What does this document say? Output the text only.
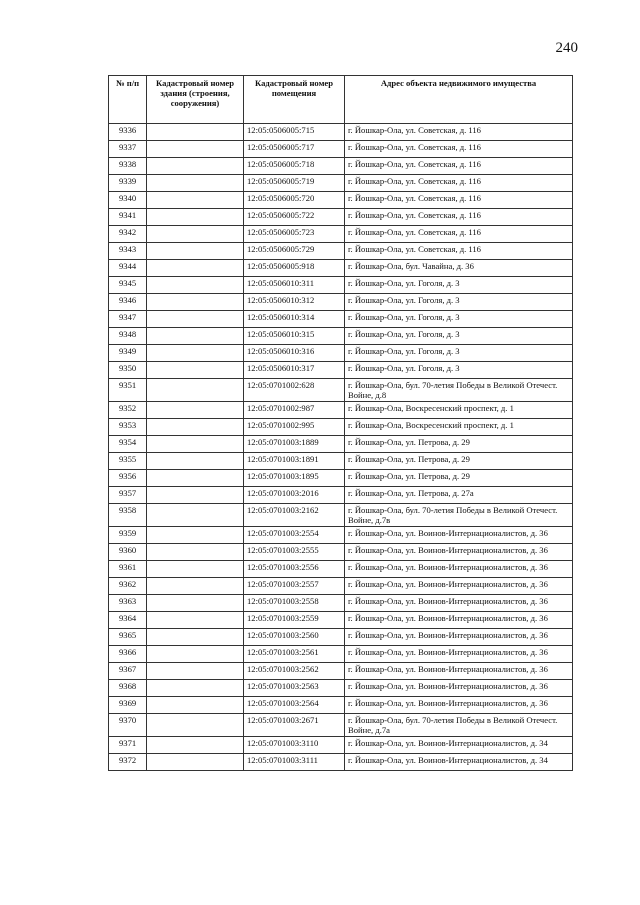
240
№ п/п	Кадастровый номер здания (строения, сооружения)	Кадастровый номер помещения	Адрес объекта недвижимого имущества
9336		12:05:0506005:715	г. Йошкар-Ола, ул. Советская, д. 116
9337		12:05:0506005:717	г. Йошкар-Ола, ул. Советская, д. 116
9338		12:05:0506005:718	г. Йошкар-Ола, ул. Советская, д. 116
9339		12:05:0506005:719	г. Йошкар-Ола, ул. Советская, д. 116
9340		12:05:0506005:720	г. Йошкар-Ола, ул. Советская, д. 116
9341		12:05:0506005:722	г. Йошкар-Ола, ул. Советская, д. 116
9342		12:05:0506005:723	г. Йошкар-Ола, ул. Советская, д. 116
9343		12:05:0506005:729	г. Йошкар-Ола, ул. Советская, д. 116
9344		12:05:0506005:918	г. Йошкар-Ола, бул. Чавайна, д. 36
9345		12:05:0506010:311	г. Йошкар-Ола, ул. Гоголя, д. 3
9346		12:05:0506010:312	г. Йошкар-Ола, ул. Гоголя, д. 3
9347		12:05:0506010:314	г. Йошкар-Ола, ул. Гоголя, д. 3
9348		12:05:0506010:315	г. Йошкар-Ола, ул. Гоголя, д. 3
9349		12:05:0506010:316	г. Йошкар-Ола, ул. Гоголя, д. 3
9350		12:05:0506010:317	г. Йошкар-Ола, ул. Гоголя, д. 3
9351		12:05:0701002:628	г. Йошкар-Ола, бул. 70-летия Победы в Великой Отечест. Войне, д.8
9352		12:05:0701002:987	г. Йошкар-Ола, Воскресенский проспект, д. 1
9353		12:05:0701002:995	г. Йошкар-Ола, Воскресенский проспект, д. 1
9354		12:05:0701003:1889	г. Йошкар-Ола, ул. Петрова, д. 29
9355		12:05:0701003:1891	г. Йошкар-Ола, ул. Петрова, д. 29
9356		12:05:0701003:1895	г. Йошкар-Ола, ул. Петрова, д. 29
9357		12:05:0701003:2016	г. Йошкар-Ола, ул. Петрова, д. 27а
9358		12:05:0701003:2162	г. Йошкар-Ола, бул. 70-летия Победы в Великой Отечест. Войне, д.7в
9359		12:05:0701003:2554	г. Йошкар-Ола, ул. Воинов-Интернационалистов, д. 36
9360		12:05:0701003:2555	г. Йошкар-Ола, ул. Воинов-Интернационалистов, д. 36
9361		12:05:0701003:2556	г. Йошкар-Ола, ул. Воинов-Интернационалистов, д. 36
9362		12:05:0701003:2557	г. Йошкар-Ола, ул. Воинов-Интернационалистов, д. 36
9363		12:05:0701003:2558	г. Йошкар-Ола, ул. Воинов-Интернационалистов, д. 36
9364		12:05:0701003:2559	г. Йошкар-Ола, ул. Воинов-Интернационалистов, д. 36
9365		12:05:0701003:2560	г. Йошкар-Ола, ул. Воинов-Интернационалистов, д. 36
9366		12:05:0701003:2561	г. Йошкар-Ола, ул. Воинов-Интернационалистов, д. 36
9367		12:05:0701003:2562	г. Йошкар-Ола, ул. Воинов-Интернационалистов, д. 36
9368		12:05:0701003:2563	г. Йошкар-Ола, ул. Воинов-Интернационалистов, д. 36
9369		12:05:0701003:2564	г. Йошкар-Ола, ул. Воинов-Интернационалистов, д. 36
9370		12:05:0701003:2671	г. Йошкар-Ола, бул. 70-летия Победы в Великой Отечест. Войне, д.7а
9371		12:05:0701003:3110	г. Йошкар-Ола, ул. Воинов-Интернационалистов, д. 34
9372		12:05:0701003:3111	г. Йошкар-Ола, ул. Воинов-Интернационалистов, д. 34
